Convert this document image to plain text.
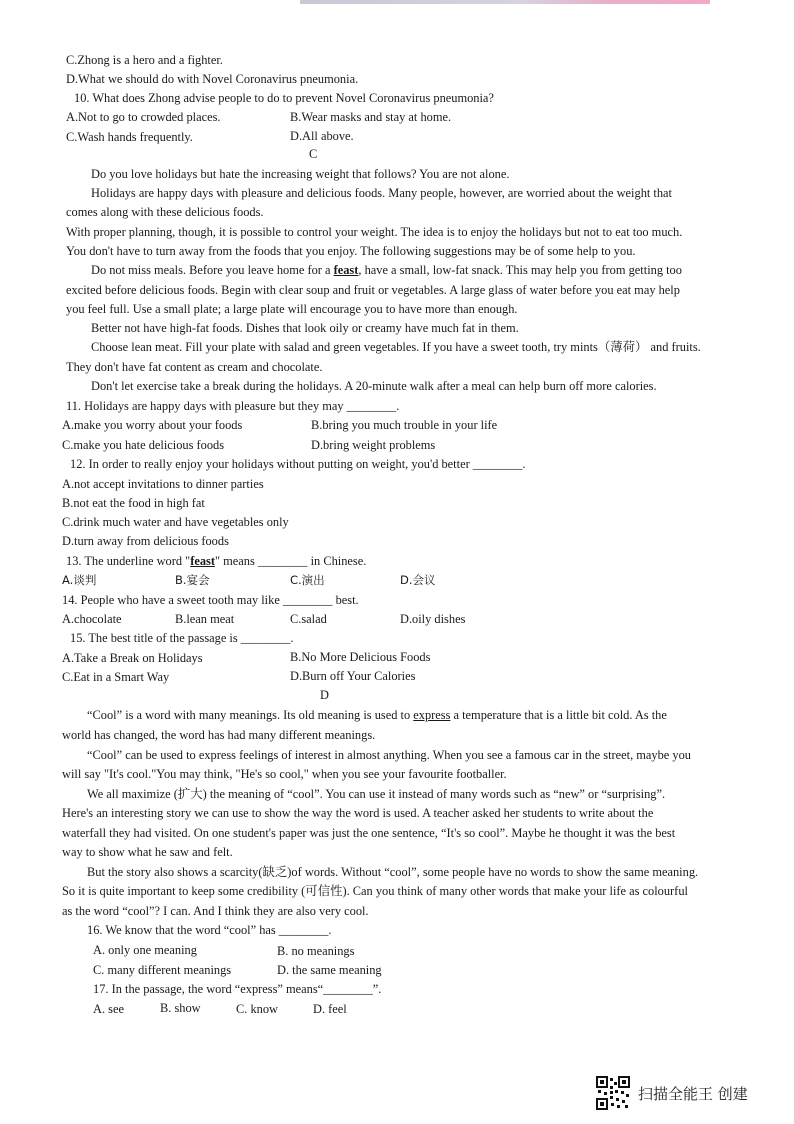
C.Zhong is a hero and a fighter.
D.What we should do with Novel Coronavirus pneumonia.
10. What does Zhong advise people to do to prevent Novel Coronavirus pneumonia?
A.Not to go to crowded places.	B.Wear masks and stay at home.
C.Wash hands frequently.	D.All above.
C
Do you love holidays but hate the increasing weight that follows? You are not alone.
Holidays are happy days with pleasure and delicious foods. Many people, however, are worried about the weight that
comes along with these delicious foods.
With proper planning, though, it is possible to control your weight. The idea is to enjoy the holidays but not to eat too much.
You don't have to turn away from the foods that you enjoy. The following suggestions may be of some help to you.
Do not miss meals. Before you leave home for a feast, have a small, low-fat snack. This may help you from getting too
excited before delicious foods. Begin with clear soup and fruit or vegetables. A large glass of water before you eat may help
you feel full. Use a small plate; a large plate will encourage you to have more than enough.
Better not have high-fat foods. Dishes that look oily or creamy have much fat in them.
Choose lean meat. Fill your plate with salad and green vegetables. If you have a sweet tooth, try mints（薄荷） and fruits.
They don't have fat content as cream and chocolate.
Don't let exercise take a break during the holidays. A 20-minute walk after a meal can help burn off more calories.
11. Holidays are happy days with pleasure but they may ________.
A.make you worry about your foods	B.bring you much trouble in your life
C.make you hate delicious foods	D.bring weight problems
12. In order to really enjoy your holidays without putting on weight, you'd better ________.
A.not accept invitations to dinner parties
B.not eat the food in high fat
C.drink much water and have vegetables only
D.turn away from delicious foods
13. The underline word "feast" means ________ in Chinese.
A.谈判	B.宴会	C.演出	D.会议
14. People who have a sweet tooth may like ________ best.
A.chocolate	B.lean meat	C.salad	D.oily dishes
15. The best title of the passage is ________.
A.Take a Break on Holidays	B.No More Delicious Foods
C.Eat in a Smart Way	D.Burn off Your Calories
D
“Cool” is a word with many meanings. Its old meaning is used to express a temperature that is a little bit cold. As the
world has changed, the word has had many different meanings.
“Cool” can be used to express feelings of interest in almost anything. When you see a famous car in the street, maybe you
will say "It's cool."You may think, "He's so cool," when you see your favourite footballer.
We all maximize (扩大) the meaning of “cool”. You can use it instead of many words such as “new” or “surprising”.
Here's an interesting story we can use to show the way the word is used. A teacher asked her students to write about the
waterfall they had visited. On one student's paper was just the one sentence, “It's so cool”. Maybe he thought it was the best
way to show what he saw and felt.
But the story also shows a scarcity(缺乏)of words. Without “cool”, some people have no words to show the same meaning.
So it is quite important to keep some credibility (可信性). Can you think of many other words that make your life as colourful
as the word “cool”? I can. And I think they are also very cool.
16. We know that the word “cool” has ________.
A. only one meaning	B. no meanings
C. many different meanings	D. the same meaning
17. In the passage, the word “express” means“________”.
A. see	B. show	C. know	D. feel
扫描全能王 创建
